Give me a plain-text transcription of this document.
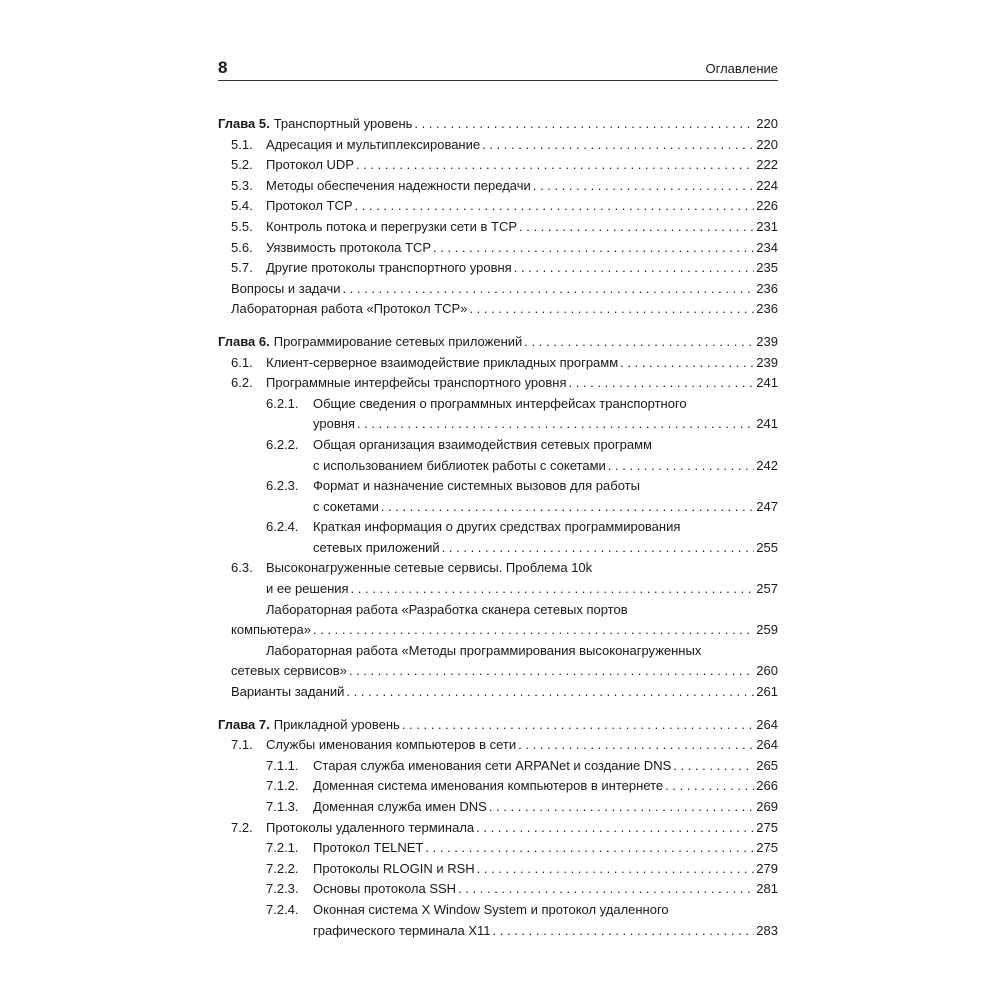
8	Оглавление
Глава 5. Транспортный уровень . . .	220
5.1.	Адресация и мультиплексирование . . .	220
5.2.	Протокол UDP . . .	222
5.3.	Методы обеспечения надежности передачи . . .	224
5.4.	Протокол TCP . . .	226
5.5.	Контроль потока и перегрузки сети в TCP . . .	231
5.6.	Уязвимость протокола TCP . . .	234
5.7.	Другие протоколы транспортного уровня . . .	235
Вопросы и задачи . . .	236
Лабораторная работа «Протокол TCP» . . .	236
Глава 6. Программирование сетевых приложений . . .	239
6.1.	Клиент-серверное взаимодействие прикладных программ . . .	239
6.2.	Программные интерфейсы транспортного уровня . . .	241
6.2.1.	Общие сведения о программных интерфейсах транспортного
уровня . . .	241
6.2.2.	Общая организация взаимодействия сетевых программ
с использованием библиотек работы с сокетами . . .	242
6.2.3.	Формат и назначение системных вызовов для работы
с сокетами . . .	247
6.2.4.	Краткая информация о других средствах программирования
сетевых приложений . . .	255
6.3.	Высоконагруженные сетевые сервисы. Проблема 10k
и ее решения . . .	257
Лабораторная работа «Разработка сканера сетевых портов
компьютера» . . .	259
Лабораторная работа «Методы программирования высоконагруженных
сетевых сервисов» . . .	260
Варианты заданий . . .	261
Глава 7. Прикладной уровень . . .	264
7.1.	Службы именования компьютеров в сети . . .	264
7.1.1.	Старая служба именования сети ARPANet и создание DNS . . .	265
7.1.2.	Доменная система именования компьютеров в интернете . . .	266
7.1.3.	Доменная служба имен DNS . . .	269
7.2.	Протоколы удаленного терминала . . .	275
7.2.1.	Протокол TELNET . . .	275
7.2.2.	Протоколы RLOGIN и RSH . . .	279
7.2.3.	Основы протокола SSH . . .	281
7.2.4.	Оконная система X Window System и протокол удаленного
графического терминала X11 . . .	283
